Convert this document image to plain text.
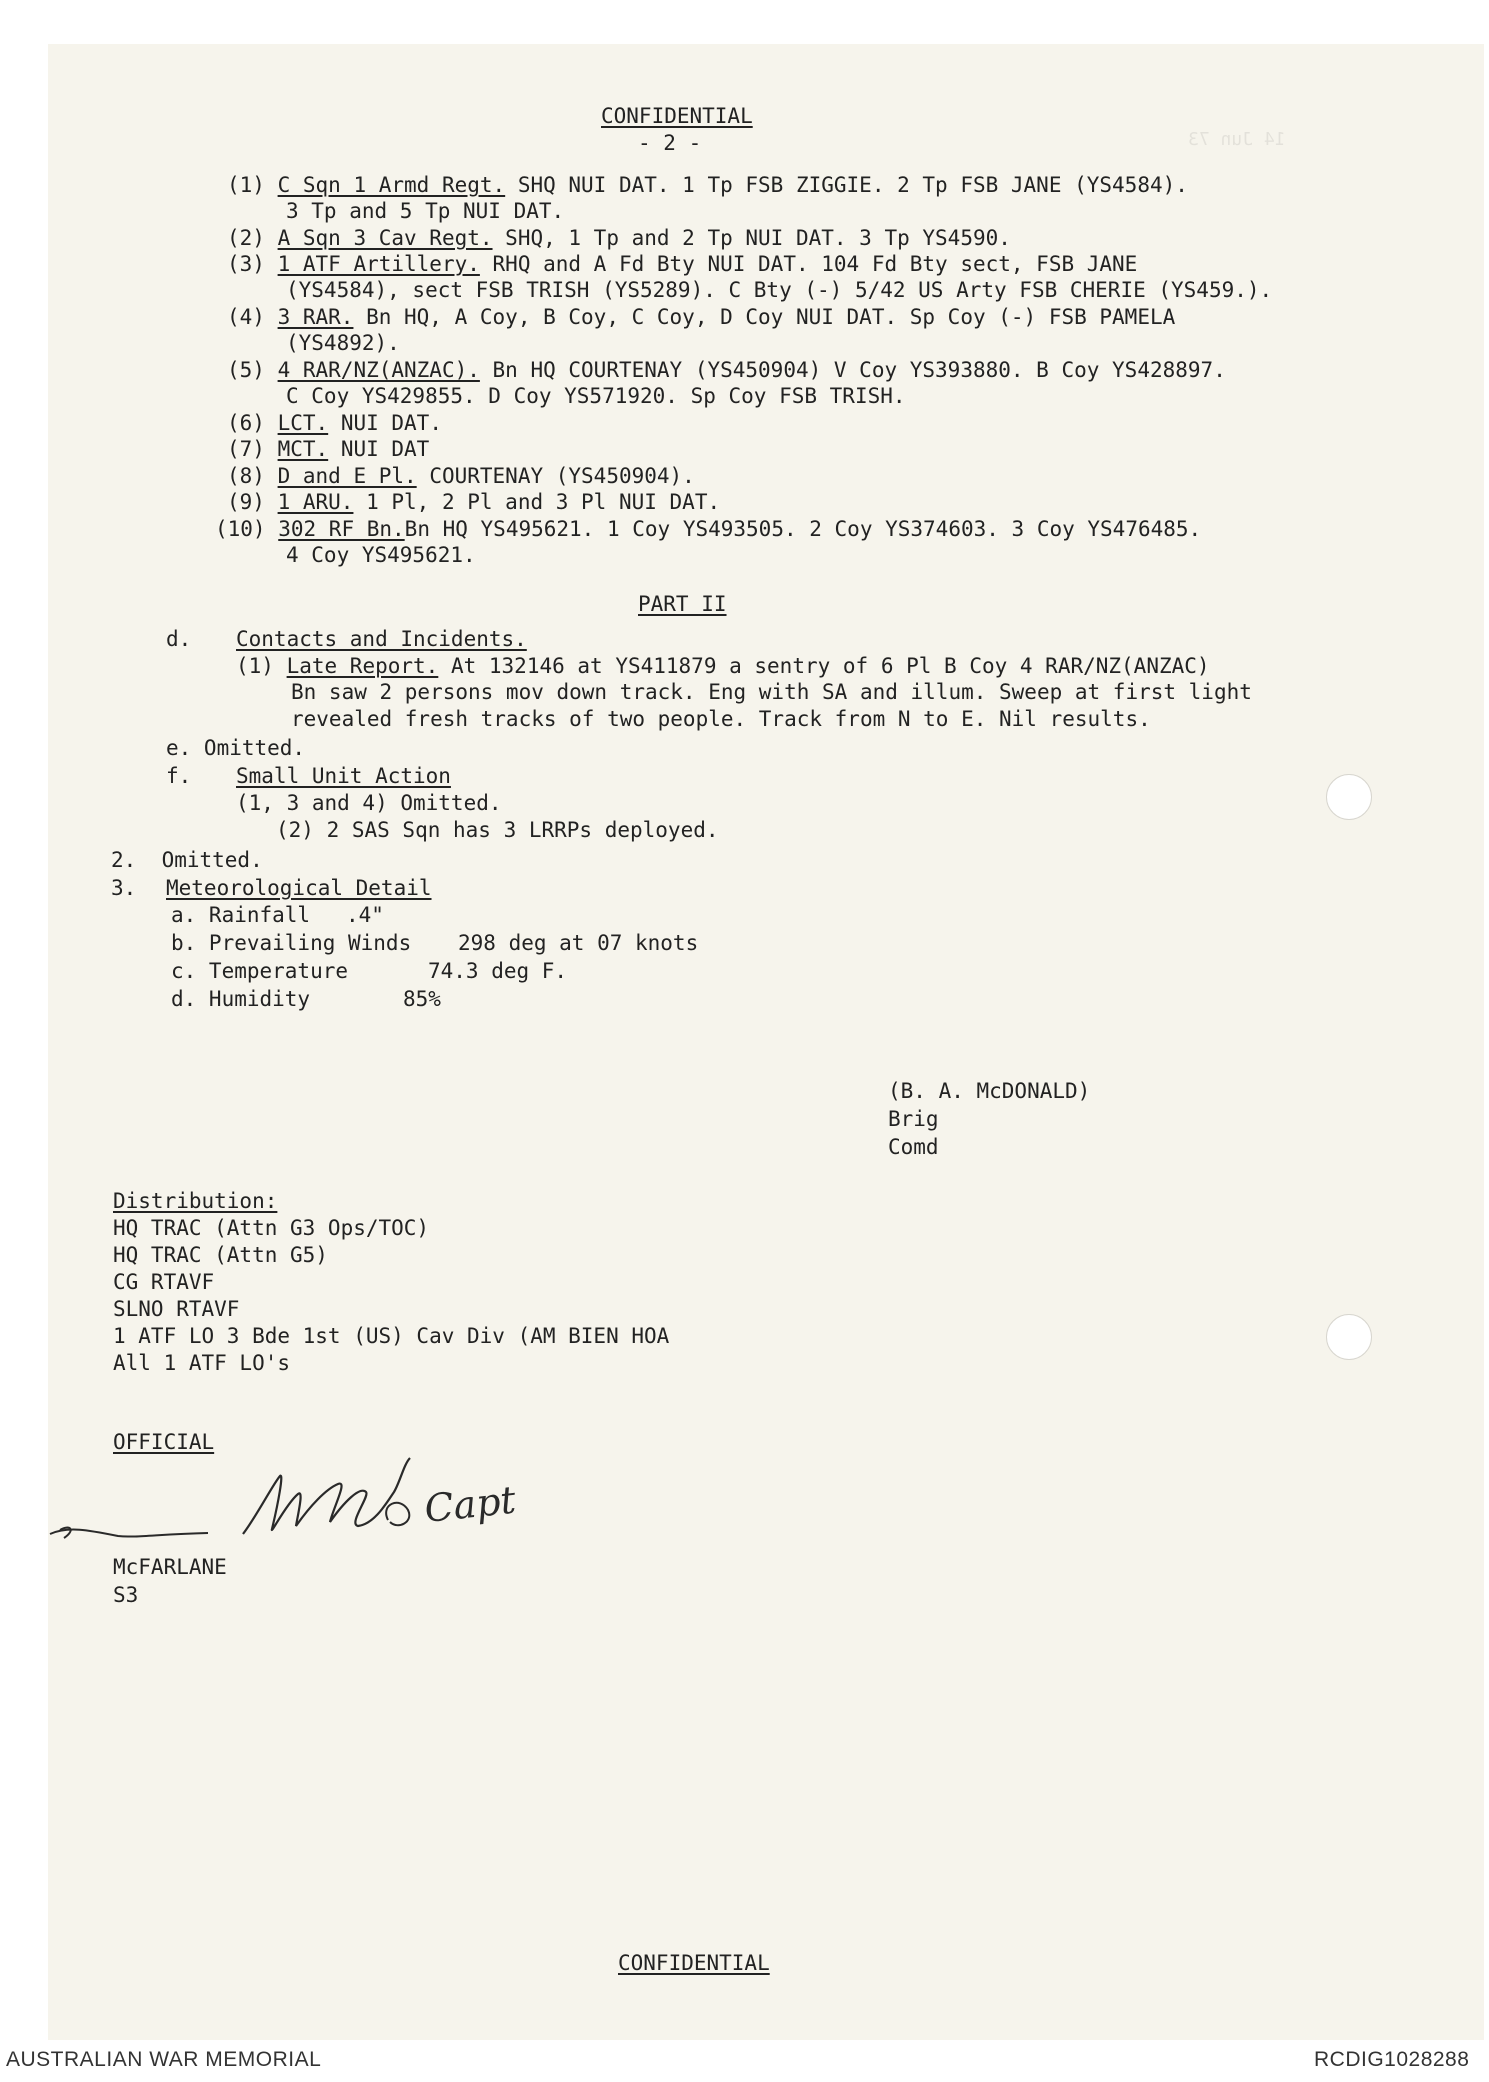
14 Jun 73
CONFIDENTIAL
- 2 -
(1) C Sqn 1 Armd Regt. SHQ NUI DAT. 1 Tp FSB ZIGGIE. 2 Tp FSB JANE (YS4584).
3 Tp and 5 Tp NUI DAT.
(2) A Sqn 3 Cav Regt. SHQ, 1 Tp and 2 Tp NUI DAT. 3 Tp YS4590.
(3) 1 ATF Artillery. RHQ and A Fd Bty NUI DAT. 104 Fd Bty sect, FSB JANE
(YS4584), sect FSB TRISH (YS5289). C Bty (-) 5/42 US Arty FSB CHERIE (YS459.).
(4) 3 RAR. Bn HQ, A Coy, B Coy, C Coy, D Coy NUI DAT. Sp Coy (-) FSB PAMELA
(YS4892).
(5) 4 RAR/NZ(ANZAC). Bn HQ COURTENAY (YS450904) V Coy YS393880. B Coy YS428897.
C Coy YS429855. D Coy YS571920. Sp Coy FSB TRISH.
(6) LCT. NUI DAT.
(7) MCT. NUI DAT
(8) D and E Pl. COURTENAY (YS450904).
(9) 1 ARU. 1 Pl, 2 Pl and 3 Pl NUI DAT.
(10) 302 RF Bn.Bn HQ YS495621. 1 Coy YS493505. 2 Coy YS374603. 3 Coy YS476485.
4 Coy YS495621.
PART II
d. Contacts and Incidents.
(1) Late Report. At 132146 at YS411879 a sentry of 6 Pl B Coy 4 RAR/NZ(ANZAC)
Bn saw 2 persons mov down track. Eng with SA and illum. Sweep at first light
revealed fresh tracks of two people. Track from N to E. Nil results.
e. Omitted.
f. Small Unit Action
(1, 3 and 4) Omitted.
(2) 2 SAS Sqn has 3 LRRPs deployed.
2.  Omitted.
3. Meteorological Detail
a. Rainfall .4"
b. Prevailing Winds 298 deg at 07 knots
c. Temperature	74.3 deg F.
d. Humidity	85%
(B. A. McDONALD)
Brig
Comd
Distribution:
HQ TRAC (Attn G3 Ops/TOC)
HQ TRAC (Attn G5)
CG RTAVF
SLNO RTAVF
1 ATF LO 3 Bde 1st (US) Cav Div (AM BIEN HOA
All 1 ATF LO's
OFFICIAL
Capt
McFARLANE
S3
CONFIDENTIAL
AUSTRALIAN WAR MEMORIAL	RCDIG1028288
